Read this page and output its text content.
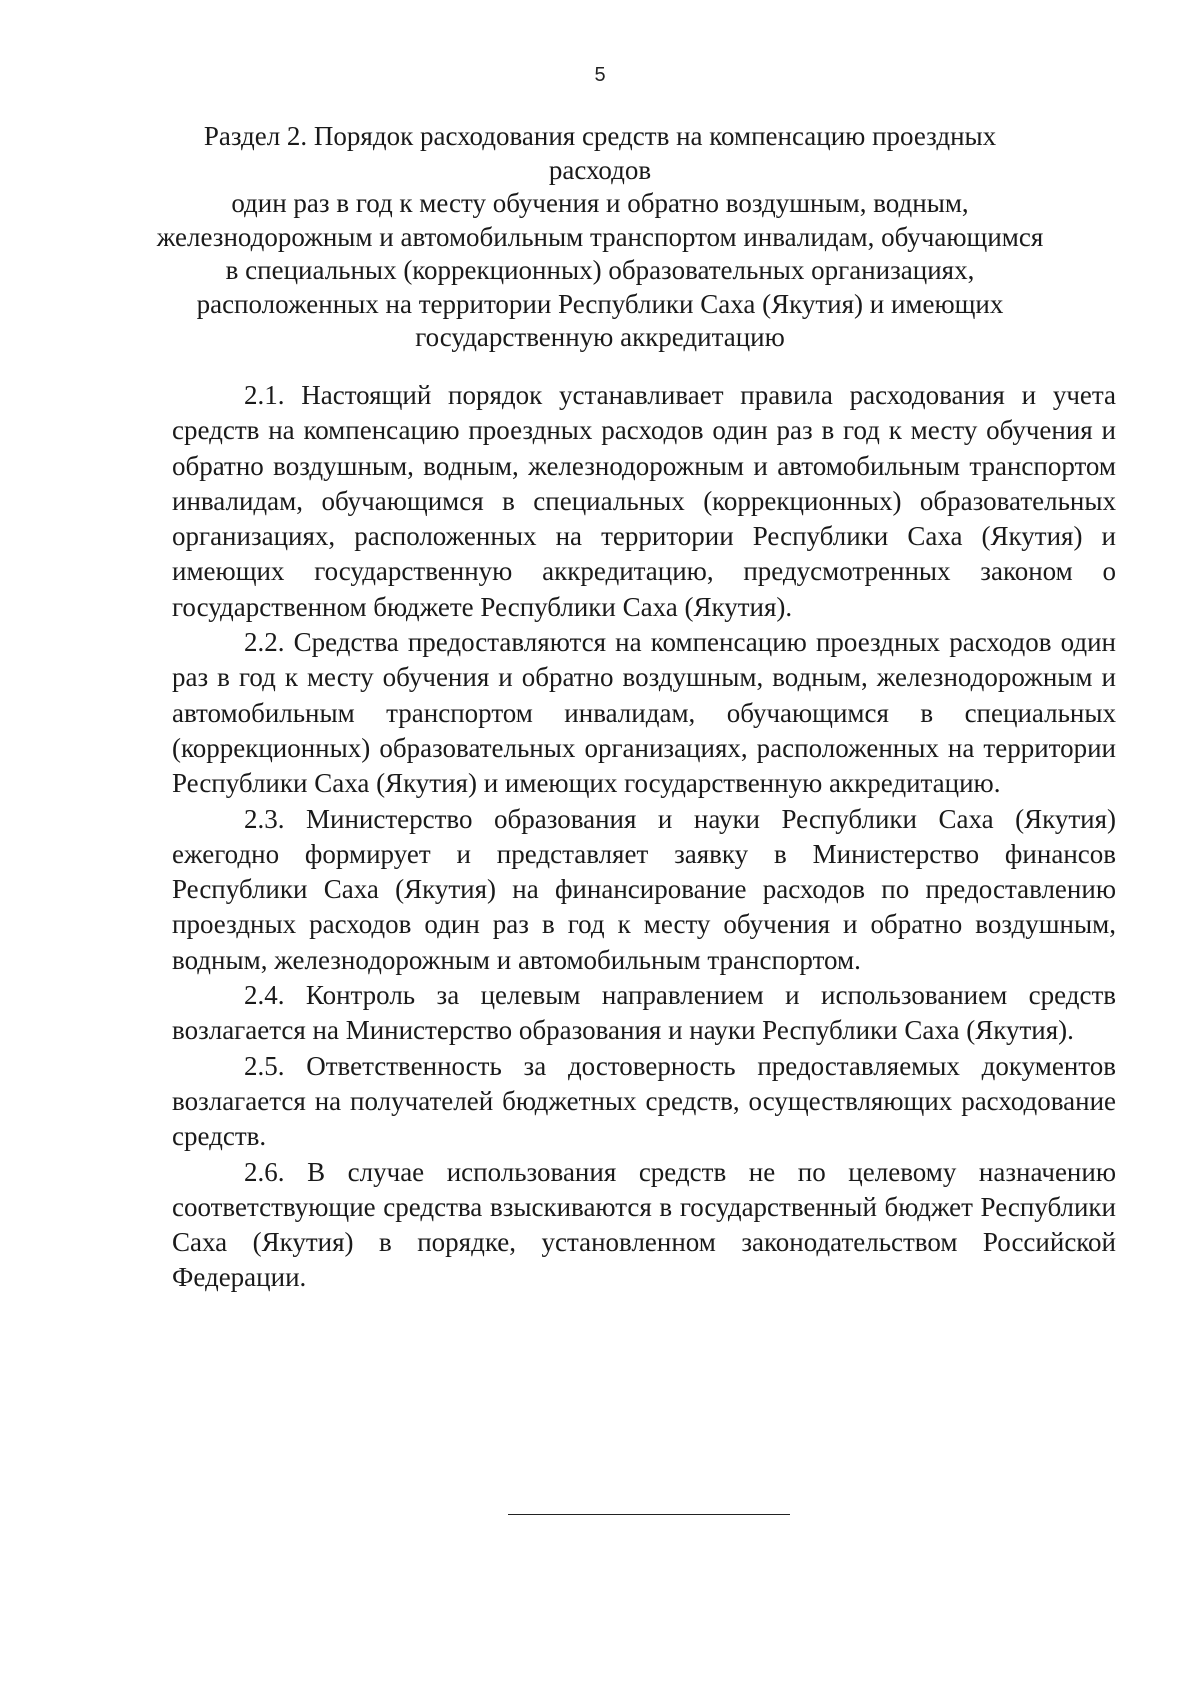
5
Раздел 2. Порядок расходования средств на компенсацию проездных расходов
один раз в год к месту обучения и обратно воздушным, водным,
железнодорожным и автомобильным транспортом инвалидам, обучающимся
в специальных (коррекционных) образовательных организациях,
расположенных на территории Республики Саха (Якутия) и имеющих
государственную аккредитацию

2.1. Настоящий порядок устанавливает правила расходования и учета средств на компенсацию проездных расходов один раз в год к месту обучения и обратно воздушным, водным, железнодорожным и автомобильным транспортом инвалидам, обучающимся в специальных (коррекционных) образовательных организациях, расположенных на территории Республики Саха (Якутия) и имеющих государственную аккредитацию, предусмотренных законом о государственном бюджете Республики Саха (Якутия).

2.2. Средства предоставляются на компенсацию проездных расходов один раз в год к месту обучения и обратно воздушным, водным, железнодорожным и автомобильным транспортом инвалидам, обучающимся в специальных (коррекционных) образовательных организациях, расположенных на территории Республики Саха (Якутия) и имеющих государственную аккредитацию.

2.3. Министерство образования и науки Республики Саха (Якутия) ежегодно формирует и представляет заявку в Министерство финансов Республики Саха (Якутия) на финансирование расходов по предоставлению проездных расходов один раз в год к месту обучения и обратно воздушным, водным, железнодорожным и автомобильным транспортом.

2.4. Контроль за целевым направлением и использованием средств возлагается на Министерство образования и науки Республики Саха (Якутия).

2.5. Ответственность за достоверность предоставляемых документов возлагается на получателей бюджетных средств, осуществляющих расходование средств.

2.6. В случае использования средств не по целевому назначению соответствующие средства взыскиваются в государственный бюджет Республики Саха (Якутия) в порядке, установленном законодательством Российской Федерации.
